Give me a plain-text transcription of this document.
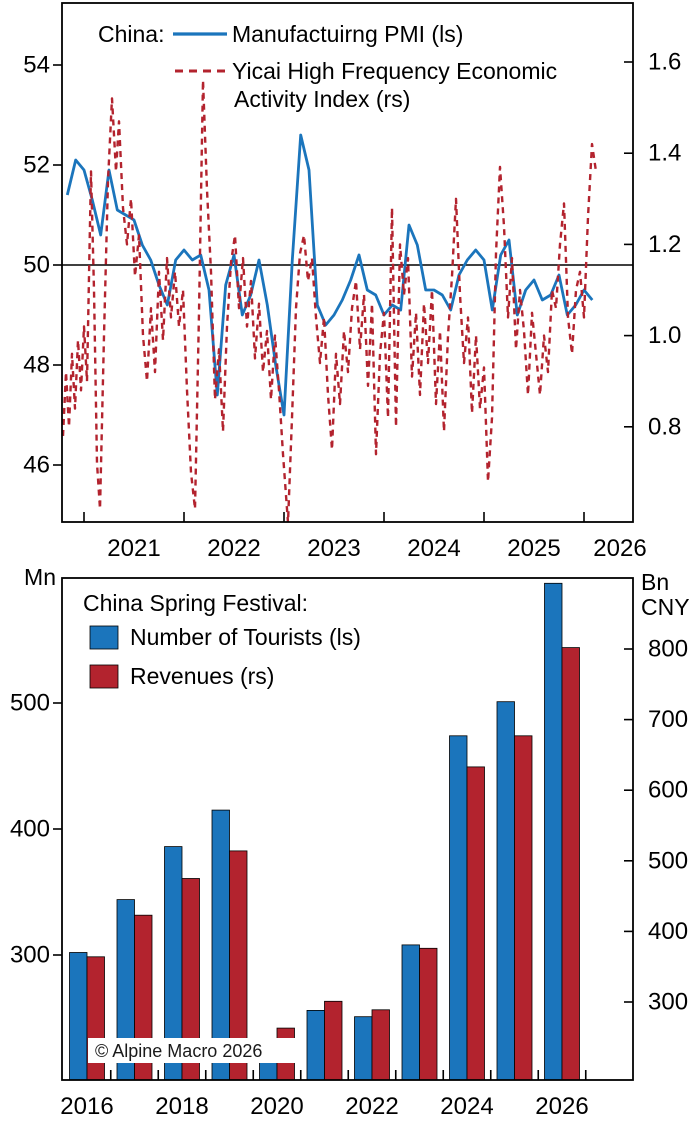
54
52
50
48
46
1.6
1.4
1.2
1.0
0.8
2021 2022 2023 2024 2025 2026
500
400
300
800
700
600
500
400
300
2016 2018 2020 2022 2024 2026
China:	Manufactuirng PMI (ls)
Yicai High Frequency Economic
Activity Index (rs)
China Spring Festival:
Number of Tourists (ls)
Revenues (rs)
Mn	Bn
CNY
© Alpine Macro 2026
